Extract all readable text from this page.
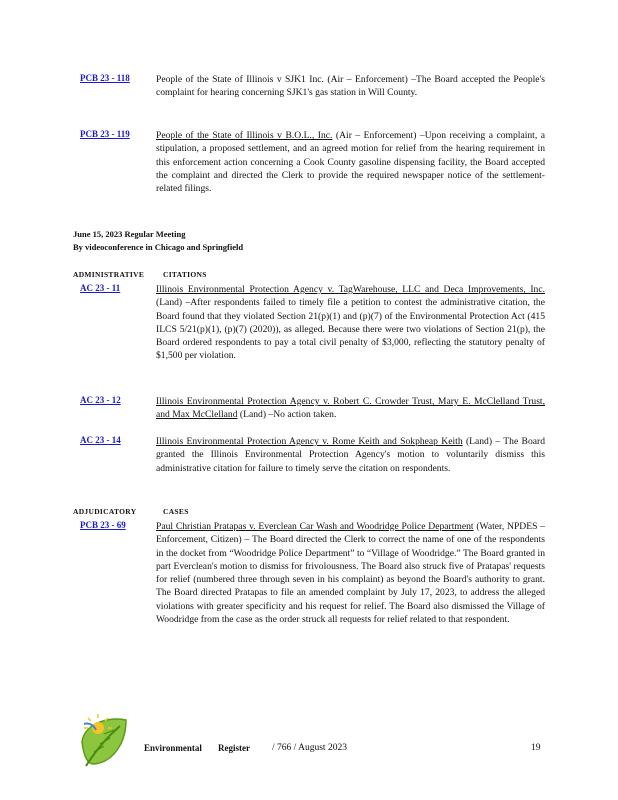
PCB 23 - 118	People of the State of Illinois v SJK1 Inc. (Air – Enforcement) –The Board accepted the People's complaint for hearing concerning SJK1's gas station in Will County.
PCB 23 - 119	People of the State of Illinois v B.O.L., Inc. (Air – Enforcement) –Upon receiving a complaint, a stipulation, a proposed settlement, and an agreed motion for relief from the hearing requirement in this enforcement action concerning a Cook County gasoline dispensing facility, the Board accepted the complaint and directed the Clerk to provide the required newspaper notice of the settlement-related filings.
June 15, 2023 Regular Meeting
By videoconference in Chicago and Springfield
ADMINISTRATIVE	CITATIONS
AC 23 - 11	Illinois Environmental Protection Agency v. TagWarehouse, LLC and Deca Improvements, Inc. (Land) –After respondents failed to timely file a petition to contest the administrative citation, the Board found that they violated Section 21(p)(1) and (p)(7) of the Environmental Protection Act (415 ILCS 5/21(p)(1), (p)(7) (2020)), as alleged. Because there were two violations of Section 21(p), the Board ordered respondents to pay a total civil penalty of $3,000, reflecting the statutory penalty of $1,500 per violation.
AC 23 - 12	Illinois Environmental Protection Agency v. Robert C. Crowder Trust, Mary E. McClelland Trust, and Max McClelland (Land) –No action taken.
AC 23 - 14	Illinois Environmental Protection Agency v. Rome Keith and Sokpheap Keith (Land) – The Board granted the Illinois Environmental Protection Agency's motion to voluntarily dismiss this administrative citation for failure to timely serve the citation on respondents.
ADJUDICATORY	CASES
PCB 23 - 69	Paul Christian Pratapas v. Everclean Car Wash and Woodridge Police Department (Water, NPDES –Enforcement, Citizen) – The Board directed the Clerk to correct the name of one of the respondents in the docket from “Woodridge Police Department” to “Village of Woodridge.” The Board granted in part Everclean's motion to dismiss for frivolousness. The Board also struck five of Pratapas' requests for relief (numbered three through seven in his complaint) as beyond the Board's authority to grant. The Board directed Pratapas to file an amended complaint by July 17, 2023, to address the alleged violations with greater specificity and his request for relief. The Board also dismissed the Village of Woodridge from the case as the order struck all requests for relief related to that respondent.
Environmental Register / 766 / August 2023	19
